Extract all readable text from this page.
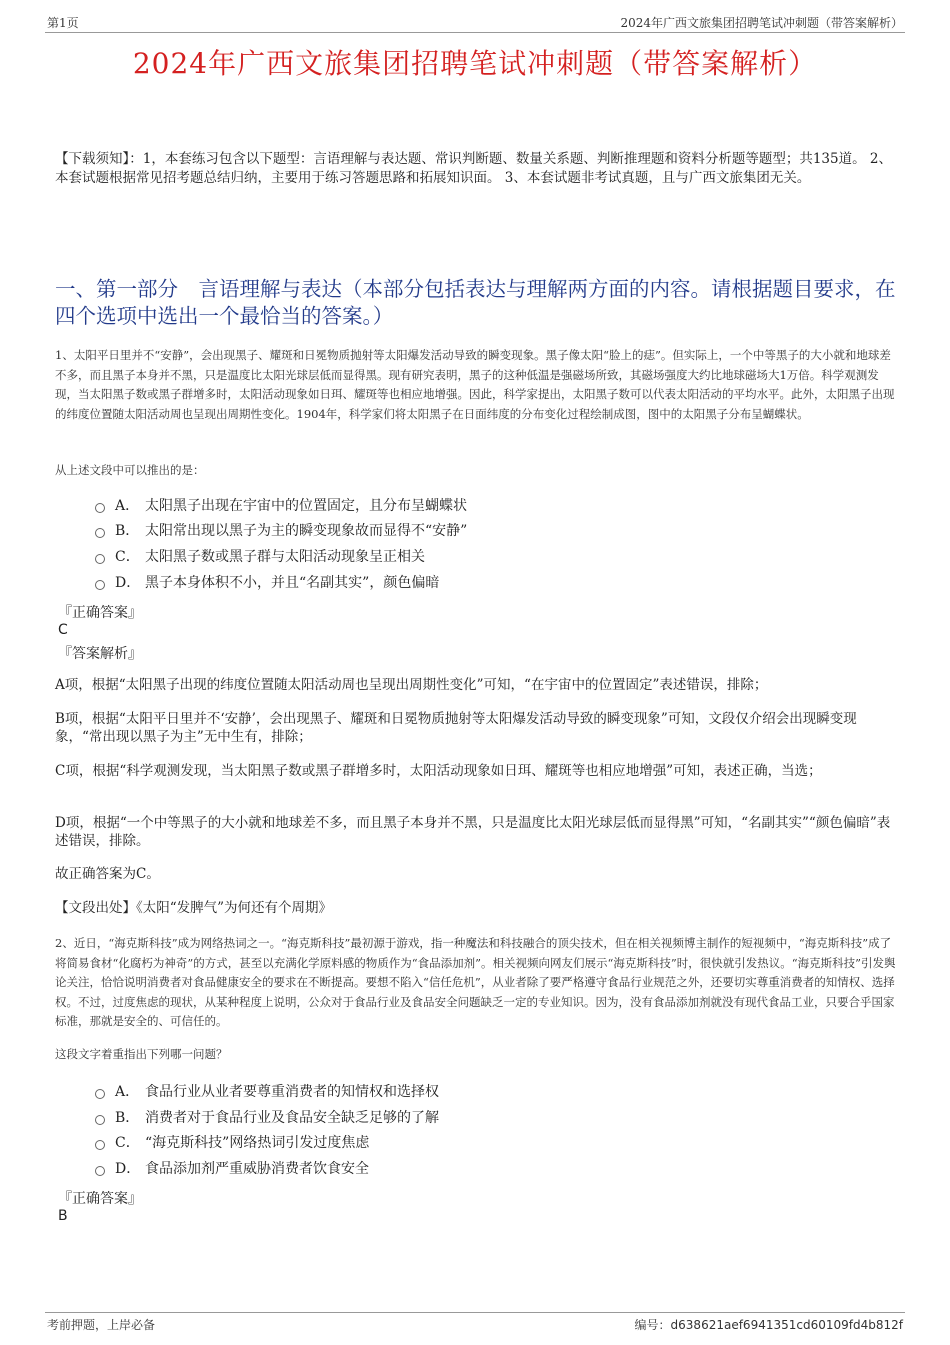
第1页	2024年广西文旅集团招聘笔试冲刺题（带答案解析）
2024年广西文旅集团招聘笔试冲刺题（带答案解析）
【下载须知】：1，本套练习包含以下题型：言语理解与表达题、常识判断题、数量关系题、判断推理题和资料分析题等题型；共135道。 2、本套试题根据常见招考题总结归纳，主要用于练习答题思路和拓展知识面。 3、本套试题非考试真题，且与广西文旅集团无关。
一、第一部分　言语理解与表达（本部分包括表达与理解两方面的内容。请根据题目要求，在四个选项中选出一个最恰当的答案。）
1、太阳平日里并不“安静”，会出现黑子、耀斑和日冕物质抛射等太阳爆发活动导致的瞬变现象。黑子像太阳“脸上的痣”。但实际上，一个中等黑子的大小就和地球差不多，而且黑子本身并不黑，只是温度比太阳光球层低而显得黑。现有研究表明，黑子的这种低温是强磁场所致，其磁场强度大约比地球磁场大1万倍。科学观测发现，当太阳黑子数或黑子群增多时，太阳活动现象如日珥、耀斑等也相应地增强。因此，科学家提出，太阳黑子数可以代表太阳活动的平均水平。此外，太阳黑子出现的纬度位置随太阳活动周也呈现出周期性变化。1904年，科学家们将太阳黑子在日面纬度的分布变化过程绘制成图，图中的太阳黑子分布呈蝴蝶状。
从上述文段中可以推出的是：
A． 太阳黑子出现在宇宙中的位置固定，且分布呈蝴蝶状
B． 太阳常出现以黑子为主的瞬变现象故而显得不“安静”
C． 太阳黑子数或黑子群与太阳活动现象呈正相关
D． 黑子本身体积不小，并且“名副其实”，颜色偏暗
『正确答案』
C
『答案解析』
A项，根据“太阳黑子出现的纬度位置随太阳活动周也呈现出周期性变化”可知，“在宇宙中的位置固定”表述错误，排除；
B项，根据“太阳平日里并不‘安静’，会出现黑子、耀斑和日冕物质抛射等太阳爆发活动导致的瞬变现象”可知，文段仅介绍会出现瞬变现象，“常出现以黑子为主”无中生有，排除；
C项，根据“科学观测发现，当太阳黑子数或黑子群增多时，太阳活动现象如日珥、耀斑等也相应地增强”可知，表述正确，当选；
D项，根据“一个中等黑子的大小就和地球差不多，而且黑子本身并不黑，只是温度比太阳光球层低而显得黑”可知，“名副其实”“颜色偏暗”表述错误，排除。
故正确答案为C。
【文段出处】《太阳“发脾气”为何还有个周期》
2、近日，“海克斯科技”成为网络热词之一。“海克斯科技”最初源于游戏，指一种魔法和科技融合的顶尖技术，但在相关视频博主制作的短视频中，“海克斯科技”成了将简易食材“化腐朽为神奇”的方式，甚至以充满化学原料感的物质作为“食品添加剂”。相关视频向网友们展示“海克斯科技”时，很快就引发热议。“海克斯科技”引发舆论关注，恰恰说明消费者对食品健康安全的要求在不断提高。要想不陷入“信任危机”，从业者除了要严格遵守食品行业规范之外，还要切实尊重消费者的知情权、选择权。不过，过度焦虑的现状，从某种程度上说明，公众对于食品行业及食品安全问题缺乏一定的专业知识。因为，没有食品添加剂就没有现代食品工业，只要合乎国家标准，那就是安全的、可信任的。
这段文字着重指出下列哪一问题？
A． 食品行业从业者要尊重消费者的知情权和选择权
B． 消费者对于食品行业及食品安全缺乏足够的了解
C． “海克斯科技”网络热词引发过度焦虑
D． 食品添加剂严重威胁消费者饮食安全
『正确答案』
B
考前押题，上岸必备	编号：d638621aef6941351cd60109fd4b812f
